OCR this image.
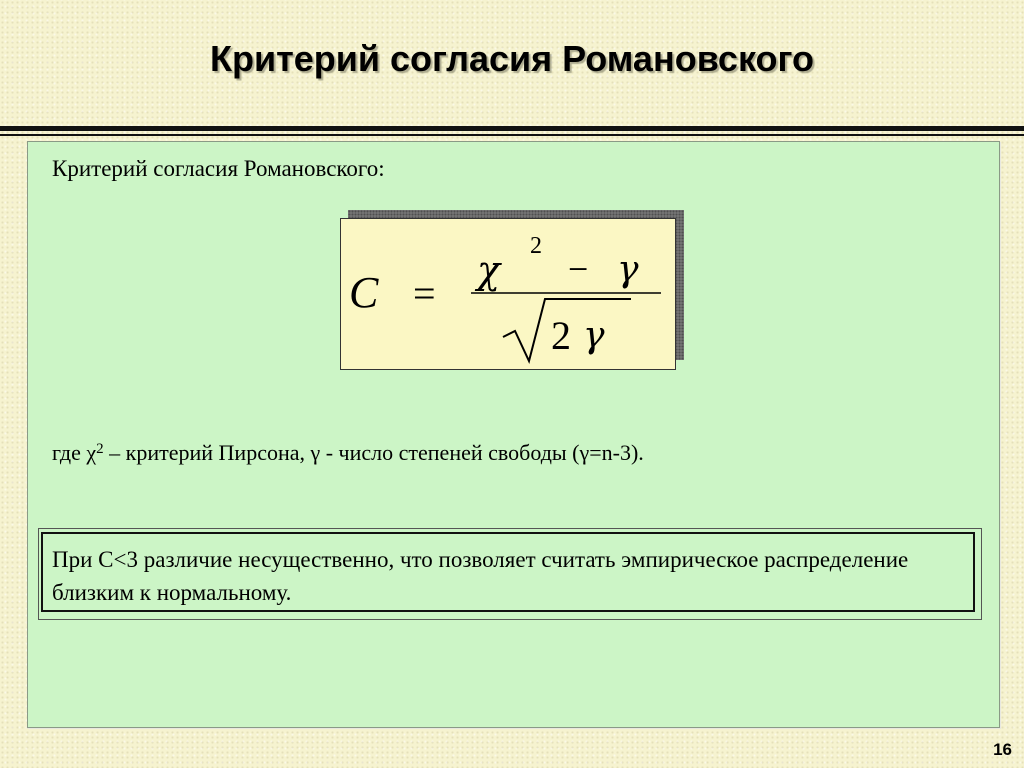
Критерий согласия Романовского
Критерий согласия Романовского:
C =
χ
2
− γ
2 γ
где $\chi^2$ – критерий Пирсона, γ - число степеней свободы (γ=n-3).
При C<3 различие несущественно, что позволяет считать эмпирическое распределение близким к нормальному.
16
